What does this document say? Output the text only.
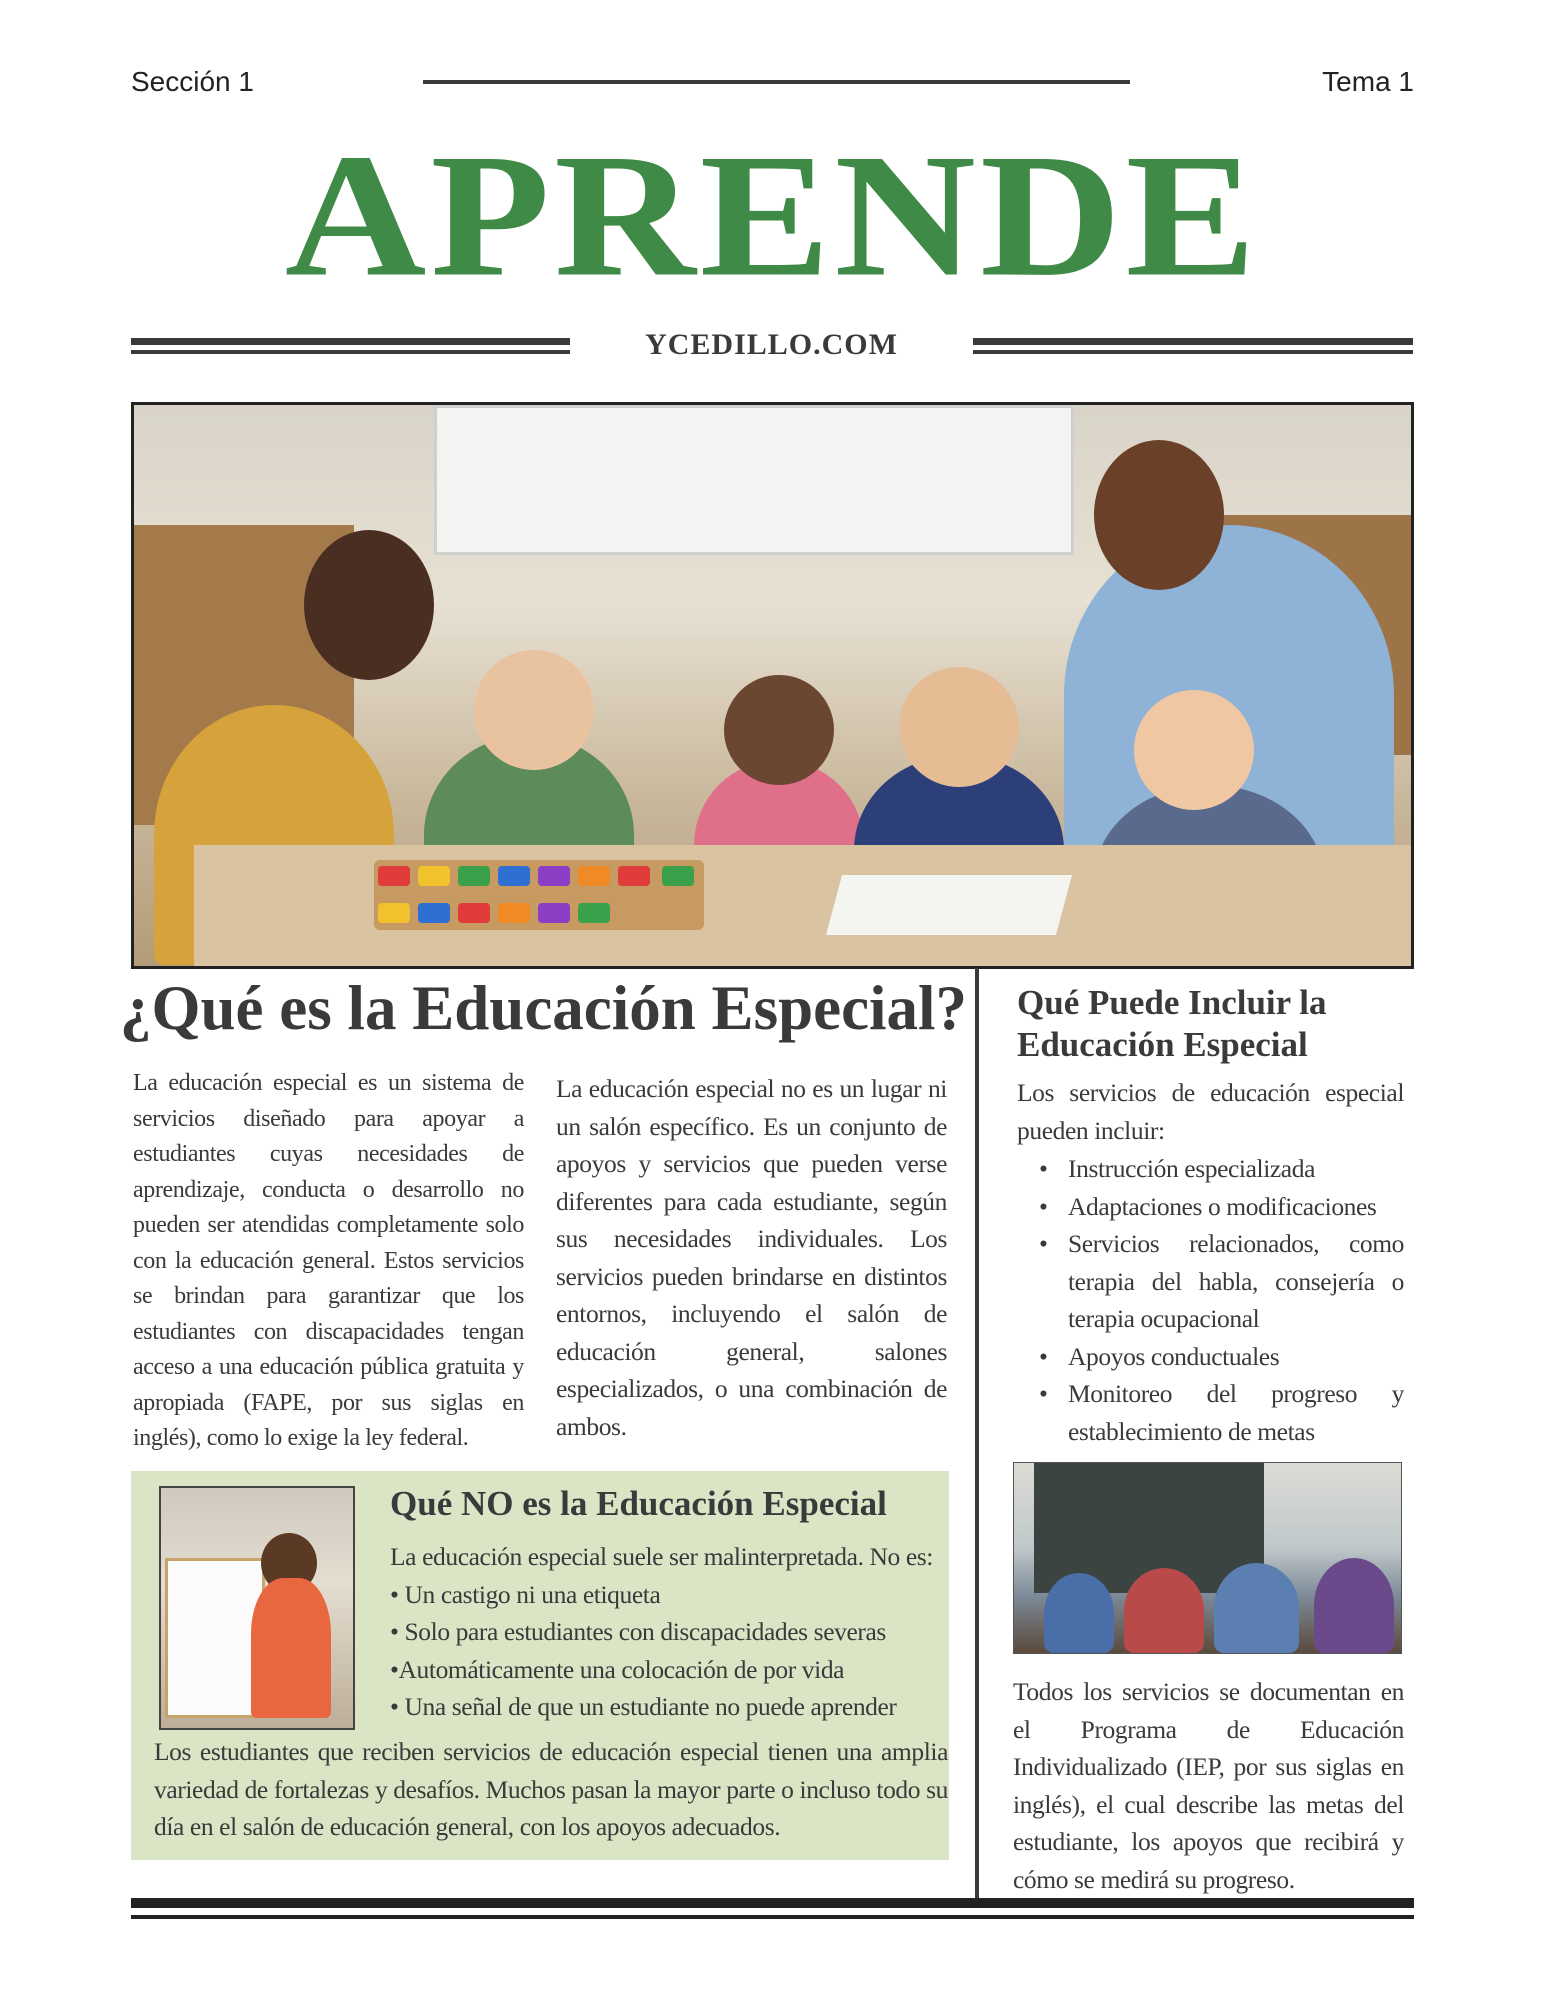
Sección 1	Tema 1
APRENDE
YCEDILLO.COM

¿Qué es la Educación Especial?
La educación especial es un sistema de servicios diseñado para apoyar a estudiantes cuyas necesidades de aprendizaje, conducta o desarrollo no pueden ser atendidas completamente solo con la educación general. Estos servicios se brindan para garantizar que los estudiantes con discapacidades tengan acceso a una educación pública gratuita y apropiada (FAPE, por sus siglas en inglés), como lo exige la ley federal.
La educación especial no es un lugar ni un salón específico. Es un conjunto de apoyos y servicios que pueden verse diferentes para cada estudiante, según sus necesidades individuales. Los servicios pueden brindarse en distintos entornos, incluyendo el salón de educación general, salones especializados, o una combinación de ambos.
Qué Puede Incluir la Educación Especial
Los servicios de educación especial pueden incluir:
• Instrucción especializada
• Adaptaciones o modificaciones
• Servicios relacionados, como terapia del habla, consejería o terapia ocupacional
• Apoyos conductuales
• Monitoreo del progreso y establecimiento de metas
Todos los servicios se documentan en el Programa de Educación Individualizado (IEP, por sus siglas en inglés), el cual describe las metas del estudiante, los apoyos que recibirá y cómo se medirá su progreso.
Qué NO es la Educación Especial
La educación especial suele ser malinterpretada. No es:
• Un castigo ni una etiqueta
• Solo para estudiantes con discapacidades severas
•Automáticamente una colocación de por vida
• Una señal de que un estudiante no puede aprender
Los estudiantes que reciben servicios de educación especial tienen una amplia variedad de fortalezas y desafíos. Muchos pasan la mayor parte o incluso todo su día en el salón de educación general, con los apoyos adecuados.
